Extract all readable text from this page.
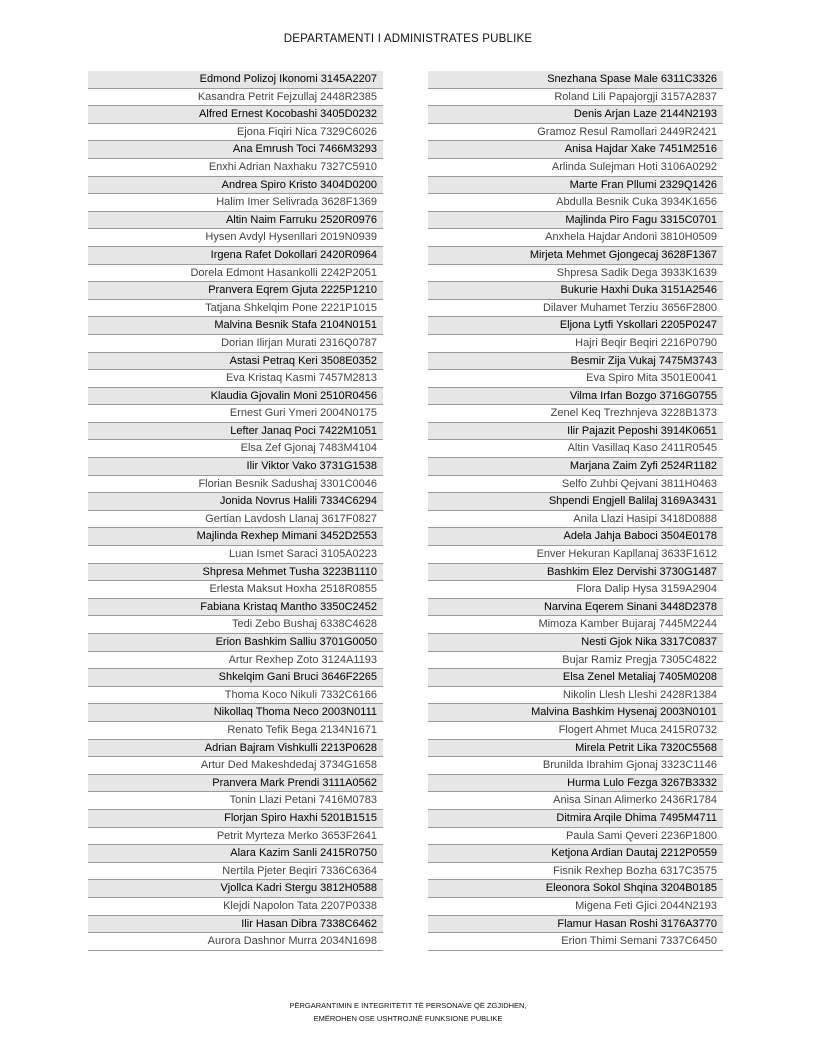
DEPARTAMENTI I ADMINISTRATES PUBLIKE
Edmond Polizoj Ikonomi 3145A2207
Kasandra Petrit Fejzullaj 2448R2385
Alfred Ernest Kocobashi 3405D0232
Ejona Fiqiri Nica 7329C6026
Ana Emrush Toci 7466M3293
Enxhi Adrian Naxhaku 7327C5910
Andrea Spiro Kristo 3404D0200
Halim Imer Selivrada 3628F1369
Altin Naim Farruku 2520R0976
Hysen Avdyl Hysenllari 2019N0939
Irgena Rafet Dokollari 2420R0964
Dorela Edmont Hasankolli 2242P2051
Pranvera Eqrem Gjuta 2225P1210
Tatjana Shkelqim Pone 2221P1015
Malvina Besnik Stafa 2104N0151
Dorian Ilirjan Murati 2316Q0787
Astasi Petraq Keri 3508E0352
Eva Kristaq Kasmi 7457M2813
Klaudia Gjovalin Moni 2510R0456
Ernest Guri Ymeri 2004N0175
Lefter Janaq Poci 7422M1051
Elsa Zef Gjonaj 7483M4104
Ilir Viktor Vako 3731G1538
Florian Besnik Sadushaj 3301C0046
Jonida Novrus Halili 7334C6294
Gertian Lavdosh Llanaj 3617F0827
Majlinda Rexhep Mimani 3452D2553
Luan Ismet Saraci 3105A0223
Shpresa Mehmet Tusha 3223B1110
Erlesta Maksut Hoxha 2518R0855
Fabiana Kristaq Mantho 3350C2452
Tedi Zebo Bushaj 6338C4628
Erion Bashkim Salliu 3701G0050
Artur Rexhep Zoto 3124A1193
Shkelqim Gani Bruci 3646F2265
Thoma Koco Nikuli 7332C6166
Nikollaq Thoma Neco 2003N0111
Renato Tefik Bega 2134N1671
Adrian Bajram Vishkulli 2213P0628
Artur Ded Makeshdedaj 3734G1658
Pranvera Mark Prendi 3111A0562
Tonin Llazi Petani 7416M0783
Florjan Spiro Haxhi 5201B1515
Petrit Myrteza Merko 3653F2641
Alara Kazim Sanli 2415R0750
Nertila Pjeter Beqiri 7336C6364
Vjollca Kadri Stergu 3812H0588
Klejdi Napolon Tata 2207P0338
Ilir Hasan Dibra 7338C6462
Aurora Dashnor Murra 2034N1698
Snezhana Spase Male 6311C3326
Roland Lili Papajorgji 3157A2837
Denis Arjan Laze 2144N2193
Gramoz Resul Ramollari 2449R2421
Anisa Hajdar Xake 7451M2516
Arlinda Sulejman Hoti 3106A0292
Marte Fran Pllumi 2329Q1426
Abdulla Besnik Cuka 3934K1656
Majlinda Piro Fagu 3315C0701
Anxhela Hajdar Andoni 3810H0509
Mirjeta Mehmet Gjongecaj 3628F1367
Shpresa Sadik Dega 3933K1639
Bukurie Haxhi Duka 3151A2546
Dilaver Muhamet Terziu 3656F2800
Eljona Lytfi Yskollari 2205P0247
Hajri Beqir Beqiri 2216P0790
Besmir Zija Vukaj 7475M3743
Eva Spiro Mita 3501E0041
Vilma Irfan Bozgo 3716G0755
Zenel Keq Trezhnjeva 3228B1373
Ilir Pajazit Peposhi 3914K0651
Altin Vasillaq Kaso 2411R0545
Marjana Zaim Zyfi 2524R1182
Selfo Zuhbi Qejvani 3811H0463
Shpendi Engjell Balilaj 3169A3431
Anila Llazi Hasipi 3418D0888
Adela Jahja Baboci 3504E0178
Enver Hekuran Kapllanaj 3633F1612
Bashkim Elez Dervishi 3730G1487
Flora Dalip Hysa 3159A2904
Narvina Eqerem Sinani 3448D2378
Mimoza Kamber Bujaraj 7445M2244
Nesti Gjok Nika 3317C0837
Bujar Ramiz Pregja 7305C4822
Elsa Zenel Metaliaj 7405M0208
Nikolin Llesh Lleshi 2428R1384
Malvina Bashkim Hysenaj 2003N0101
Flogert Ahmet Muca 2415R0732
Mirela Petrit Lika 7320C5568
Brunilda Ibrahim Gjonaj 3323C1146
Hurma Lulo Fezga 3267B3332
Anisa Sinan Alimerko 2436R1784
Ditmira Arqile Dhima 7495M4711
Paula Sami Qeveri 2236P1800
Ketjona Ardian Dautaj 2212P0559
Fisnik Rexhep Bozha 6317C3575
Eleonora Sokol Shqina 3204B0185
Migena Feti Gjici 2044N2193
Flamur Hasan Roshi 3176A3770
Erion Thimi Semani 7337C6450
PËRGARANTIMIN E INTEGRITETIT TË PERSONAVE QË ZGJIDHEN,
EMËROHEN OSE USHTROJNË FUNKSIONE PUBLIKE
